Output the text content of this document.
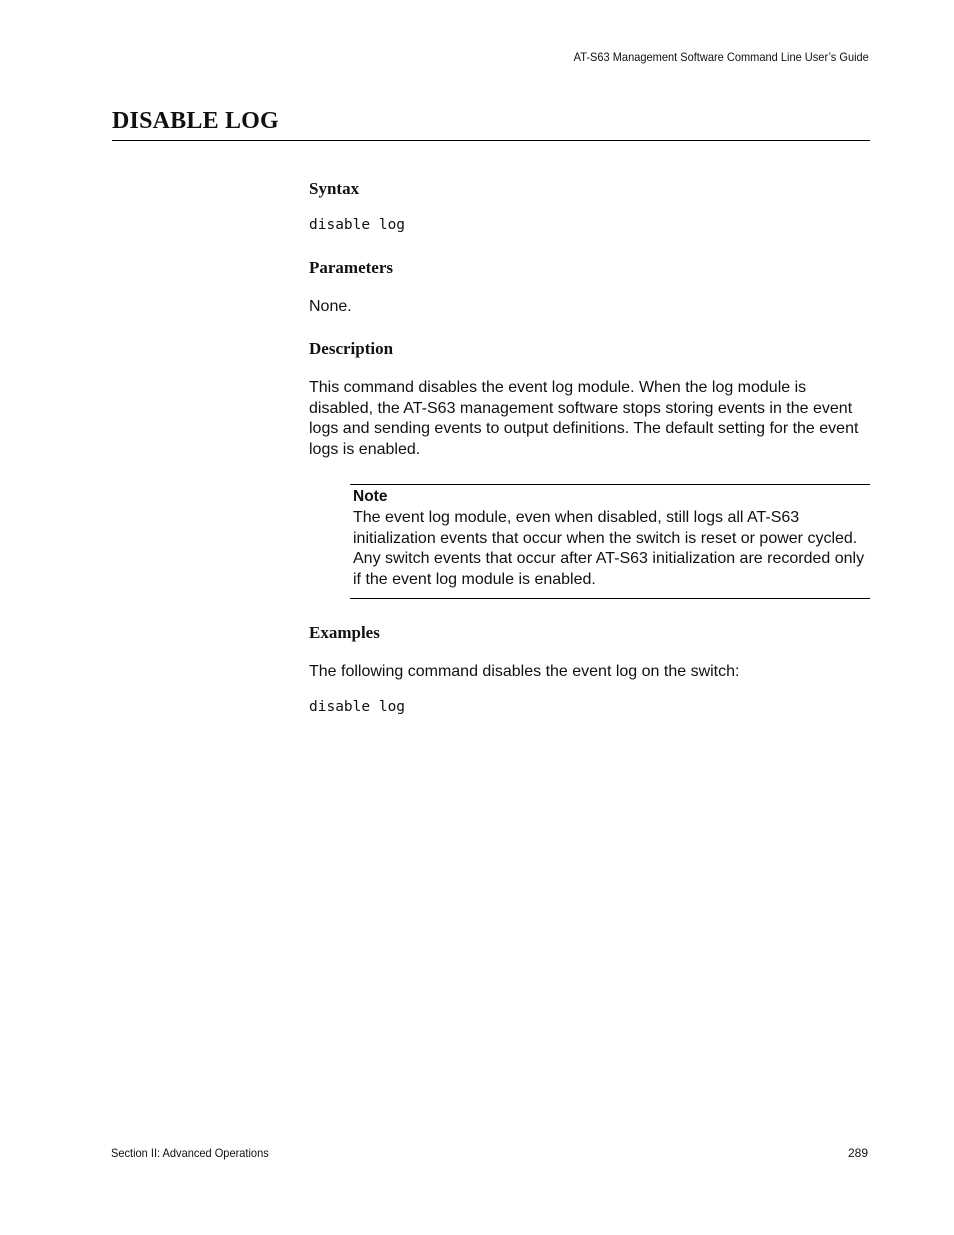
AT-S63 Management Software Command Line User’s Guide
DISABLE LOG
Syntax
disable log
Parameters

None.

Description

This command disables the event log module. When the log module is disabled, the AT-S63 management software stops storing events in the event logs and sending events to output definitions. The default setting for the event logs is enabled.

Note

The event log module, even when disabled, still logs all AT-S63 initialization events that occur when the switch is reset or power cycled. Any switch events that occur after AT-S63 initialization are recorded only if the event log module is enabled.

Examples

The following command disables the event log on the switch:

disable log
Section II: Advanced Operations	289
